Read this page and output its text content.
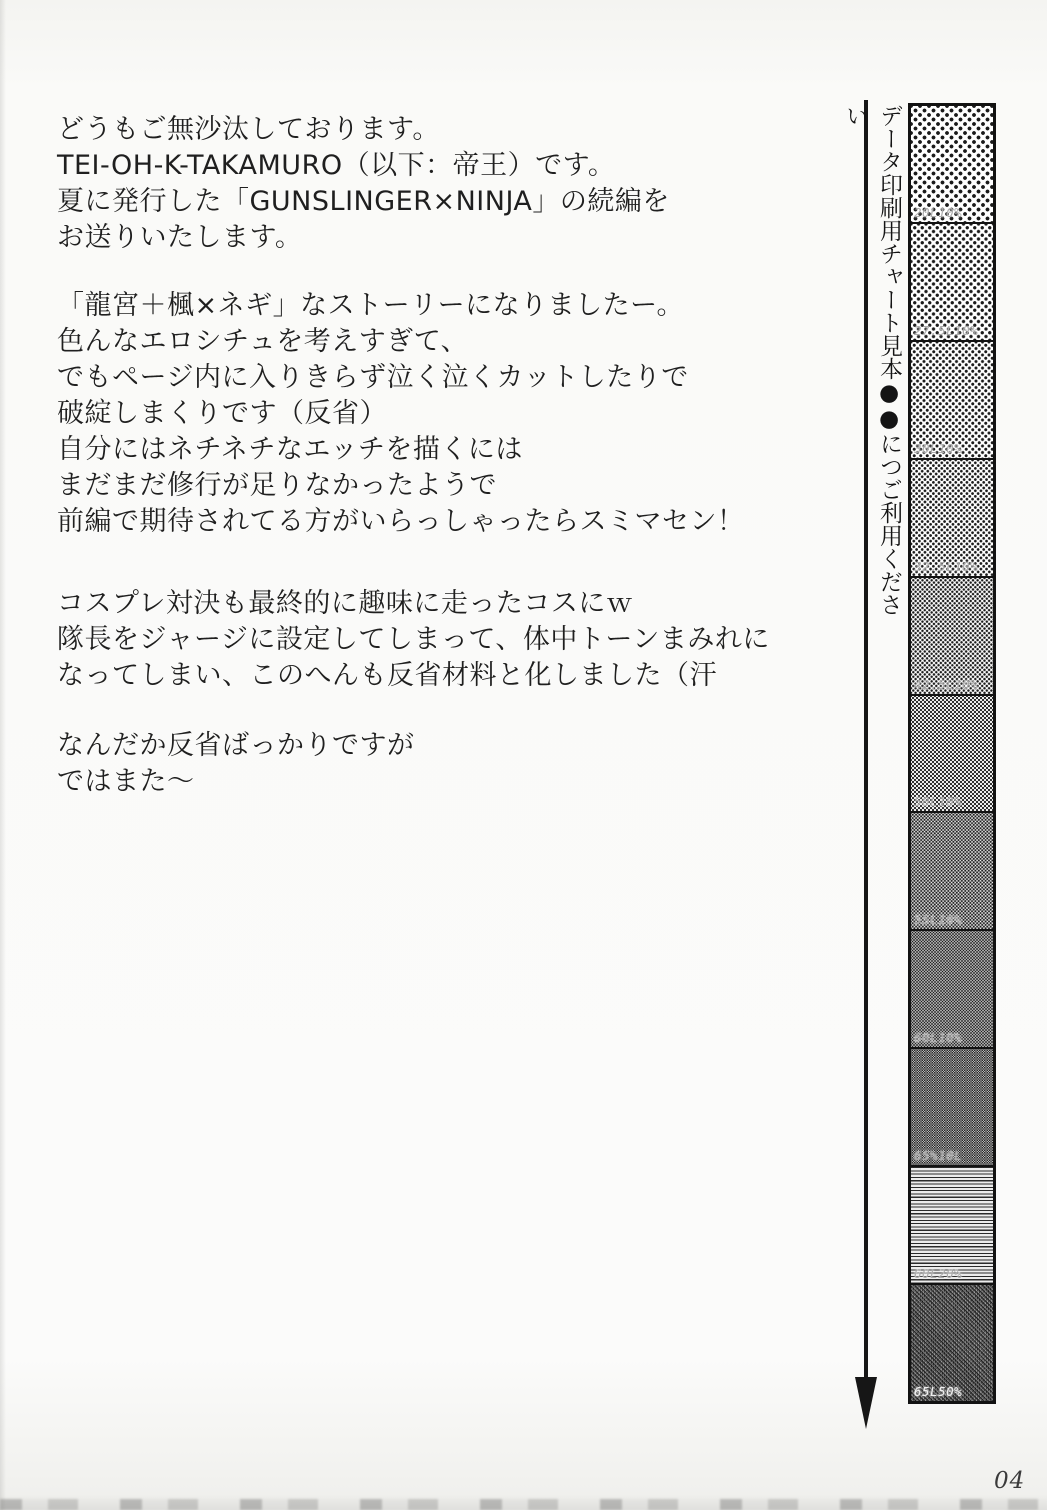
どうもご無沙汰しております。
TEI-OH-K-TAKAMURO（以下：帝王）です。
夏に発行した「GUNSLINGER×NINJA」の続編を
お送りいたします。
「龍宮＋楓×ネギ」なストーリーになりましたー。
色んなエロシチュを考えすぎて、
でもページ内に入りきらず泣く泣くカットしたりで
破綻しまくりです（反省）
自分にはネチネチなエッチを描くには
まだまだ修行が足りなかったようで
前編で期待されてる方がいらっしゃったらスミマセン！
コスプレ対決も最終的に趣味に走ったコスにｗ
隊長をジャージに設定してしまって、体中トーンまみれに
なってしまい、このへんも反省材料と化しました（汗
なんだか反省ばっかりですが
ではまた～
データ印刷用チャート見本●●につご利用ください
20L10%
27.5L10%
30L10%
32.5L10%
42.5L10%
50L10%
55L10%
60L10%
65%10L
60L20%
65L50%
04
